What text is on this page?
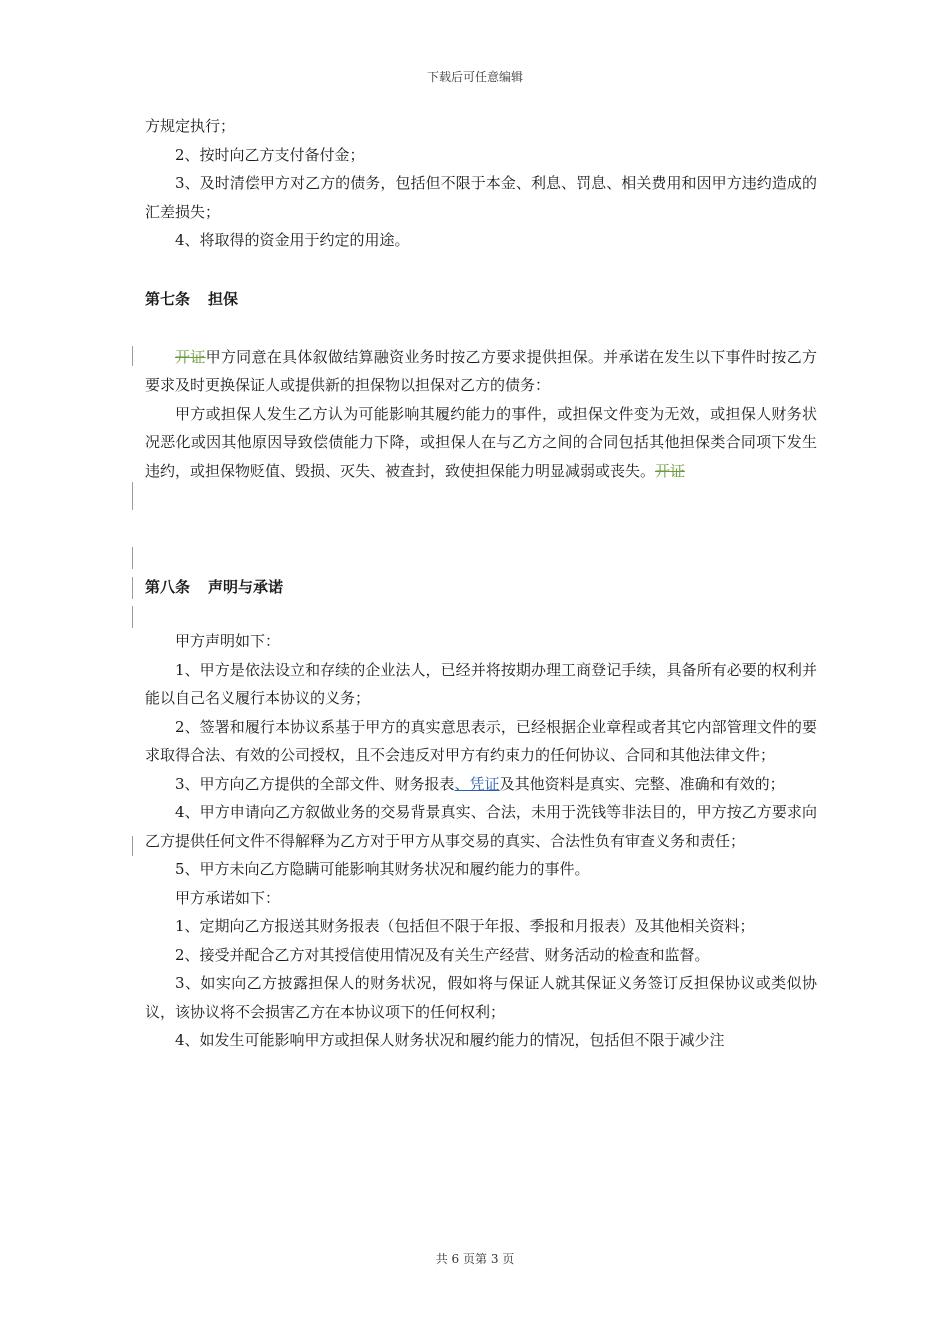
下载后可任意编辑

方规定执行；

2、按时向乙方支付备付金；

3、及时清偿甲方对乙方的债务，包括但不限于本金、利息、罚息、相关费用和因甲方违约造成的汇差损失；

4、将取得的资金用于约定的用途。

第七条 担保

开证甲方同意在具体叙做结算融资业务时按乙方要求提供担保。并承诺在发生以下事件时按乙方要求及时更换保证人或提供新的担保物以担保对乙方的债务：

甲方或担保人发生乙方认为可能影响其履约能力的事件，或担保文件变为无效，或担保人财务状况恶化或因其他原因导致偿债能力下降，或担保人在与乙方之间的合同包括其他担保类合同项下发生违约，或担保物贬值、毁损、灭失、被查封，致使担保能力明显减弱或丧失。开证

第八条 声明与承诺

甲方声明如下：

1、甲方是依法设立和存续的企业法人，已经并将按期办理工商登记手续，具备所有必要的权利并能以自己名义履行本协议的义务；

2、签署和履行本协议系基于甲方的真实意思表示，已经根据企业章程或者其它内部管理文件的要求取得合法、有效的公司授权，且不会违反对甲方有约束力的任何协议、合同和其他法律文件；

3、甲方向乙方提供的全部文件、财务报表、凭证及其他资料是真实、完整、准确和有效的；

4、甲方申请向乙方叙做业务的交易背景真实、合法，未用于洗钱等非法目的，甲方按乙方要求向乙方提供任何文件不得解释为乙方对于甲方从事交易的真实、合法性负有审查义务和责任；

5、甲方未向乙方隐瞒可能影响其财务状况和履约能力的事件。

甲方承诺如下：

1、定期向乙方报送其财务报表（包括但不限于年报、季报和月报表）及其他相关资料；

2、接受并配合乙方对其授信使用情况及有关生产经营、财务活动的检查和监督。

3、如实向乙方披露担保人的财务状况，假如将与保证人就其保证义务签订反担保协议或类似协议，该协议将不会损害乙方在本协议项下的任何权利；

4、如发生可能影响甲方或担保人财务状况和履约能力的情况，包括但不限于减少注

共 6 页第 3 页
